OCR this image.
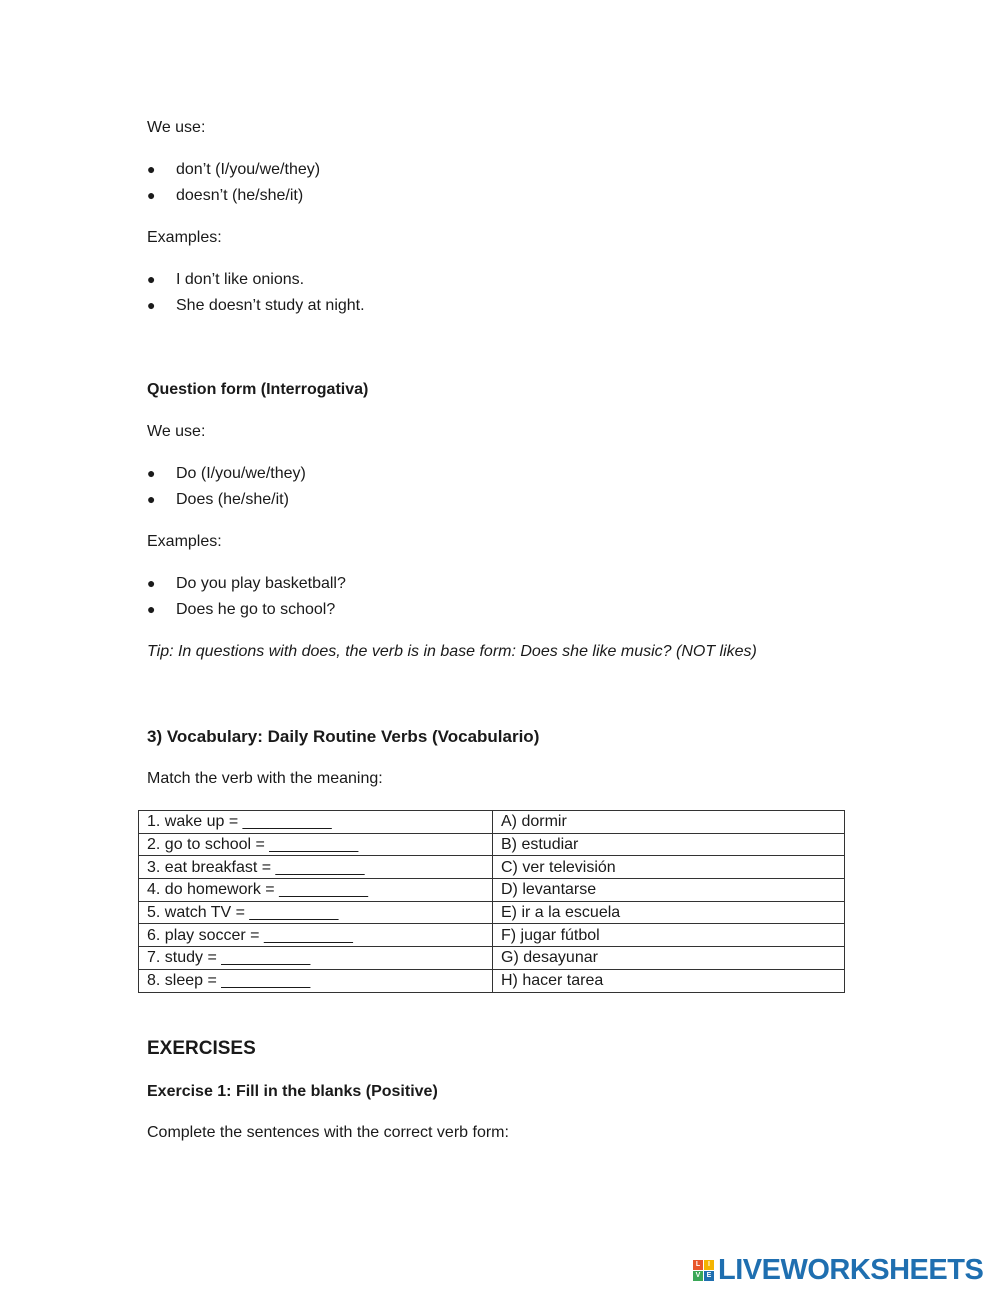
We use:
● don’t (I/you/we/they)
● doesn’t (he/she/it)
Examples:
● I don’t like onions.
● She doesn’t study at night.
Question form (Interrogativa)
We use:
● Do (I/you/we/they)
● Does (he/she/it)
Examples:
● Do you play basketball?
● Does he go to school?
Tip: In questions with does, the verb is in base form: Does she like music? (NOT likes)
3) Vocabulary: Daily Routine Verbs (Vocabulario)
Match the verb with the meaning:
1. wake up = __________	A) dormir
2. go to school = __________	B) estudiar
3. eat breakfast = __________	C) ver televisión
4. do homework = __________	D) levantarse
5. watch TV = __________	E) ir a la escuela
6. play soccer = __________	F) jugar fútbol
7. study = __________	G) desayunar
8. sleep = __________	H) hacer tarea
EXERCISES
Exercise 1: Fill in the blanks (Positive)
Complete the sentences with the correct verb form:
L	I
V E LIVEWORKSHEETS
